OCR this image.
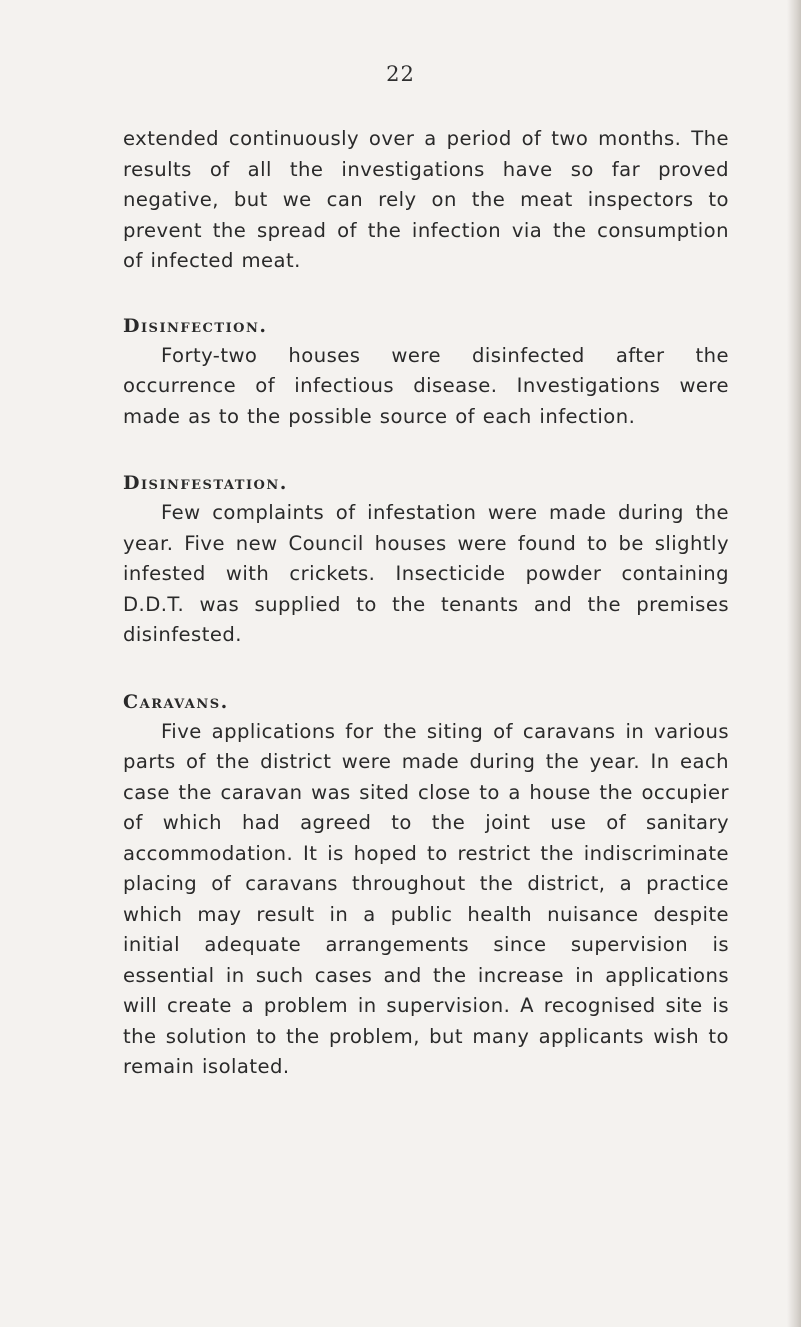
22

extended continuously over a period of two months. The results of all the investigations have so far proved negative, but we can rely on the meat inspectors to prevent the spread of the infection via the consumption of infected meat.

Disinfection.

Forty-two houses were disinfected after the occurrence of infectious disease. Investigations were made as to the possible source of each infection.

Disinfestation.

Few complaints of infestation were made during the year. Five new Council houses were found to be slightly infested with crickets. Insecticide powder containing D.D.T. was supplied to the tenants and the premises disinfested.

Caravans.

Five applications for the siting of caravans in various parts of the district were made during the year. In each case the caravan was sited close to a house the occupier of which had agreed to the joint use of sanitary accommodation. It is hoped to restrict the indiscriminate placing of caravans throughout the district, a practice which may result in a public health nuisance despite initial adequate arrangements since supervision is essential in such cases and the increase in applications will create a problem in supervision. A recognised site is the solution to the problem, but many applicants wish to remain isolated.
